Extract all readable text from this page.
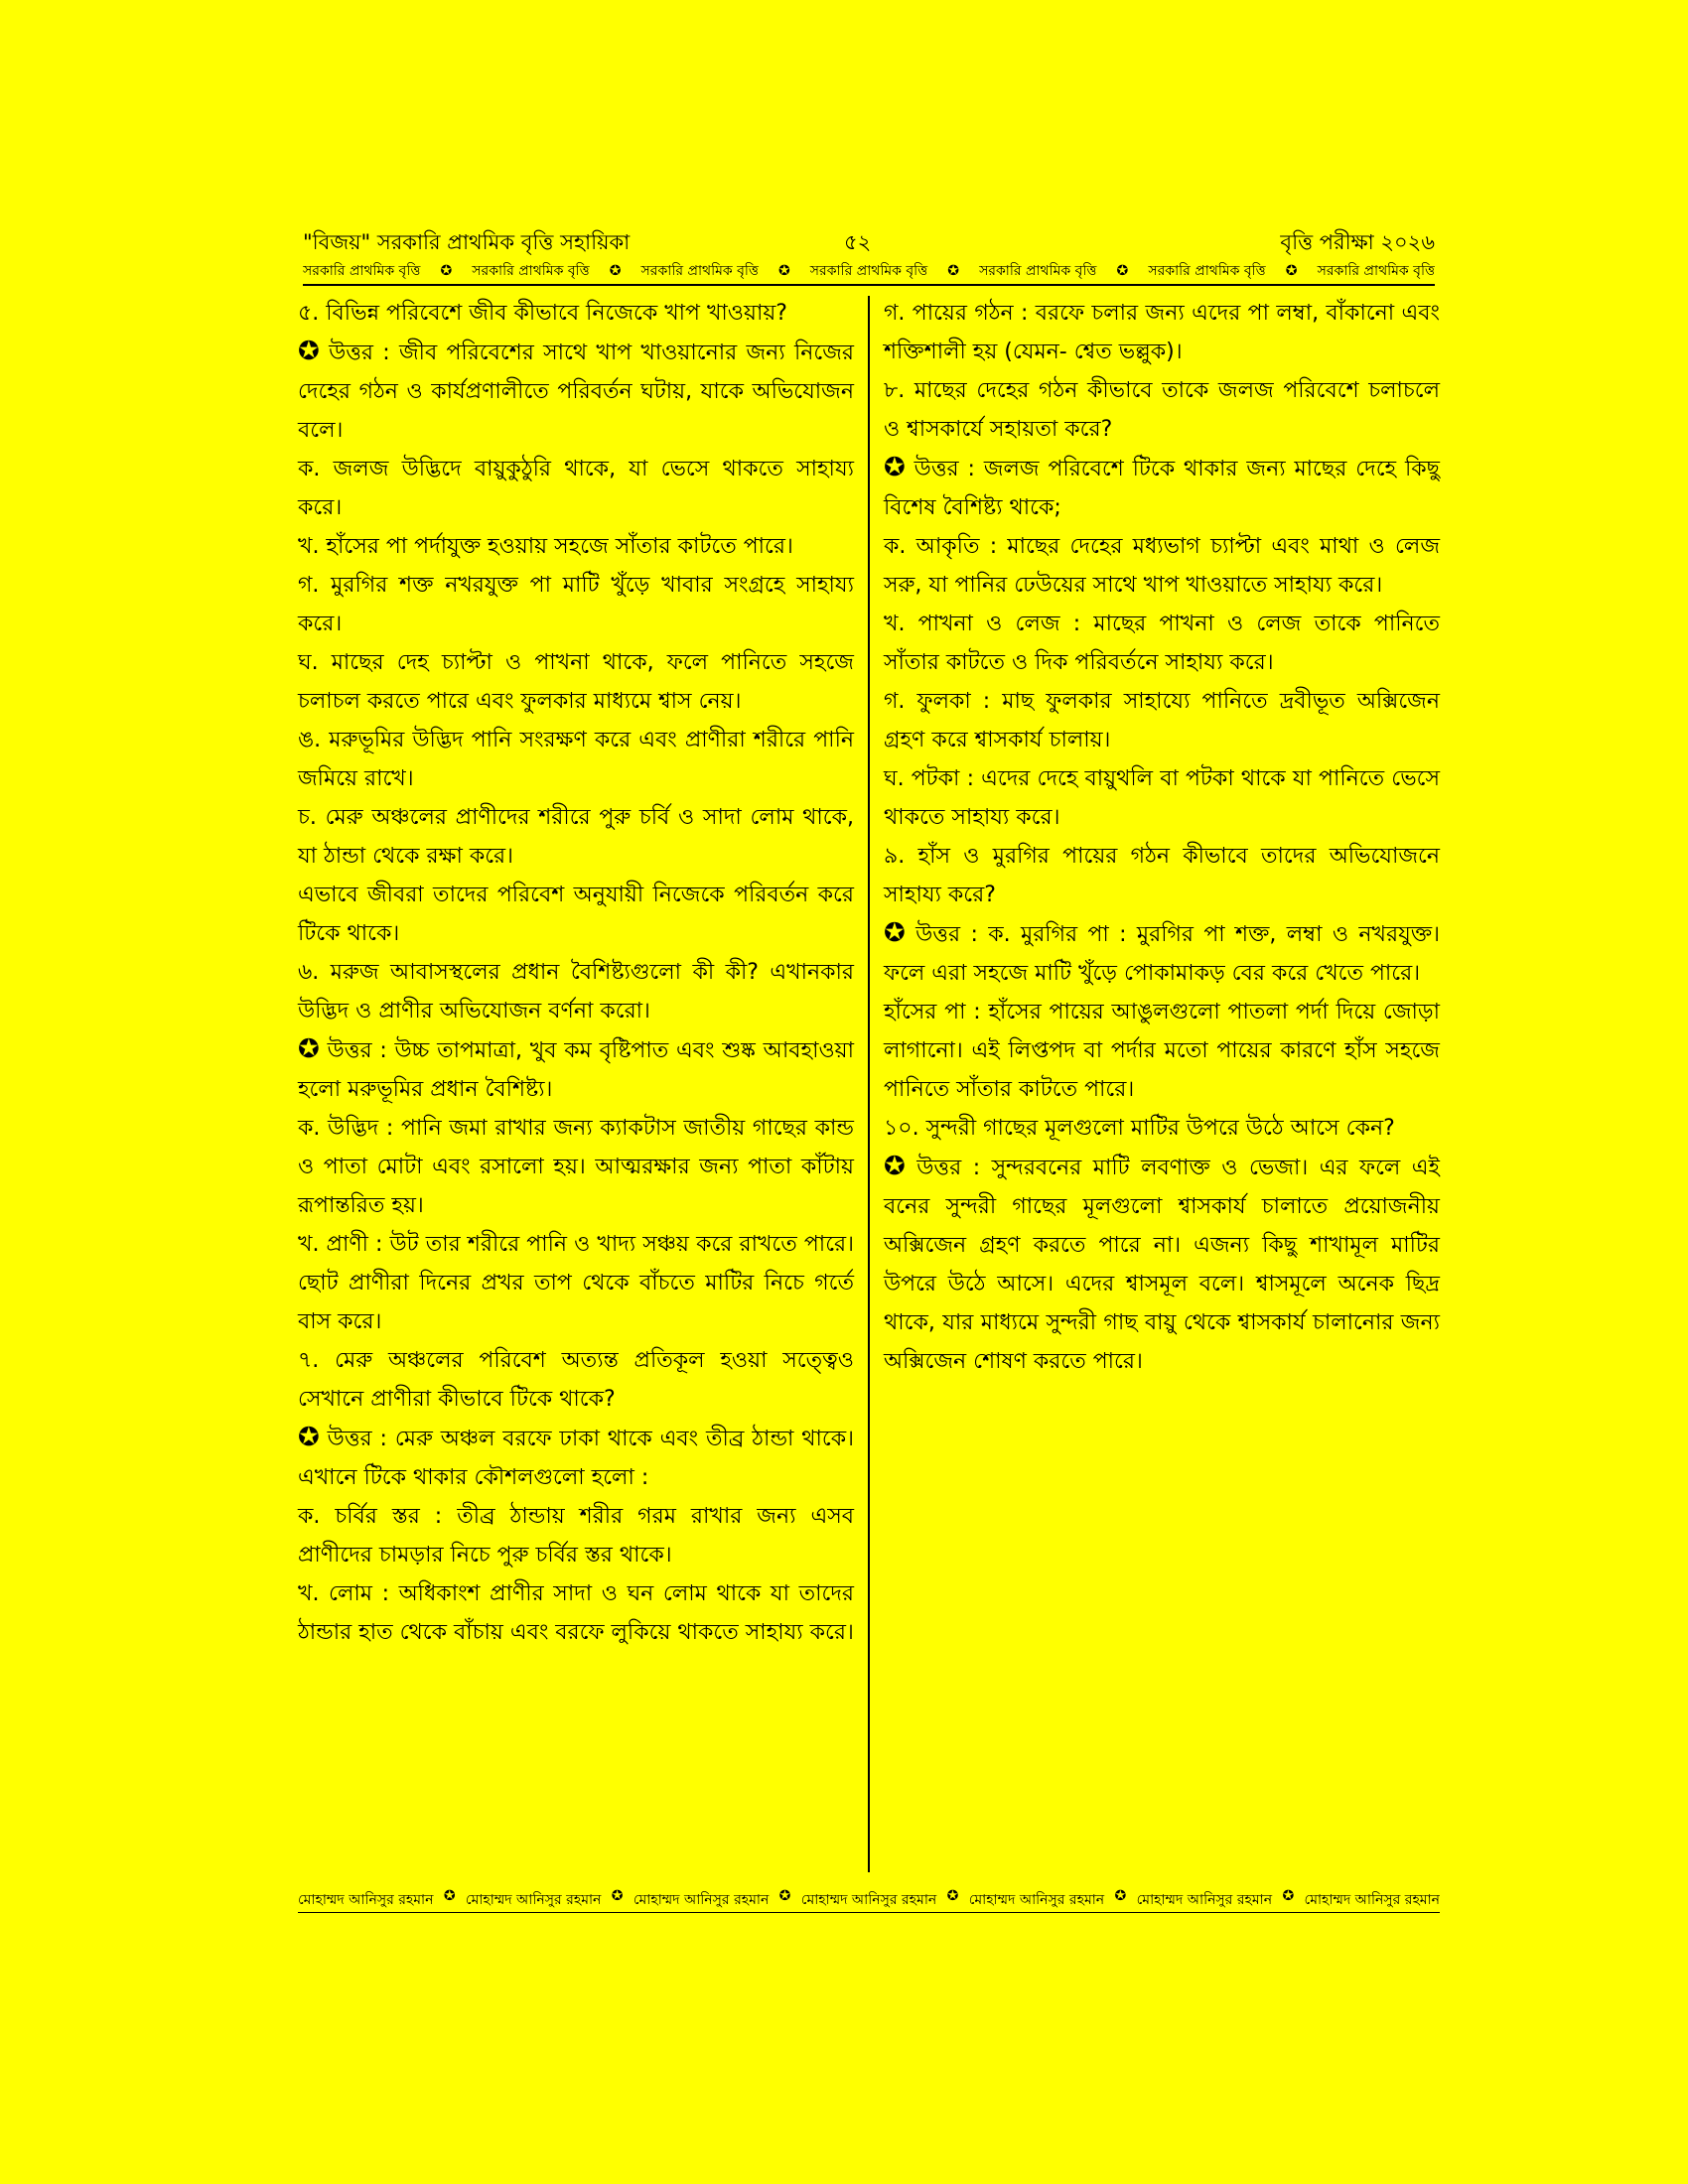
"বিজয়" সরকারি প্রাথমিক বৃত্তি সহায়িকা	৫২	বৃত্তি পরীক্ষা ২০২৬
সরকারি প্রাথমিক বৃত্তি ✪ সরকারি প্রাথমিক বৃত্তি ✪ সরকারি প্রাথমিক বৃত্তি ✪ সরকারি প্রাথমিক বৃত্তি ✪ সরকারি প্রাথমিক বৃত্তি ✪ সরকারি প্রাথমিক বৃত্তি ✪ সরকারি প্রাথমিক বৃত্তি

৫. বিভিন্ন পরিবেশে জীব কীভাবে নিজেকে খাপ খাওয়ায়?

✪ উত্তর : জীব পরিবেশের সাথে খাপ খাওয়ানোর জন্য নিজের দেহের গঠন ও কার্যপ্রণালীতে পরিবর্তন ঘটায়, যাকে অভিযোজন বলে।

ক. জলজ উদ্ভিদে বায়ুকুঠুরি থাকে, যা ভেসে থাকতে সাহায্য করে।

খ. হাঁসের পা পর্দাযুক্ত হওয়ায় সহজে সাঁতার কাটতে পারে।

গ. মুরগির শক্ত নখরযুক্ত পা মাটি খুঁড়ে খাবার সংগ্রহে সাহায্য করে।

ঘ. মাছের দেহ চ্যাপ্টা ও পাখনা থাকে, ফলে পানিতে সহজে চলাচল করতে পারে এবং ফুলকার মাধ্যমে শ্বাস নেয়।

ঙ. মরুভূমির উদ্ভিদ পানি সংরক্ষণ করে এবং প্রাণীরা শরীরে পানি জমিয়ে রাখে।

চ. মেরু অঞ্চলের প্রাণীদের শরীরে পুরু চর্বি ও সাদা লোম থাকে, যা ঠান্ডা থেকে রক্ষা করে।

এভাবে জীবরা তাদের পরিবেশ অনুযায়ী নিজেকে পরিবর্তন করে টিকে থাকে।

৬. মরুজ আবাসস্থলের প্রধান বৈশিষ্ট্যগুলো কী কী? এখানকার উদ্ভিদ ও প্রাণীর অভিযোজন বর্ণনা করো।

✪ উত্তর : উচ্চ তাপমাত্রা, খুব কম বৃষ্টিপাত এবং শুষ্ক আবহাওয়া হলো মরুভূমির প্রধান বৈশিষ্ট্য।

ক. উদ্ভিদ : পানি জমা রাখার জন্য ক্যাকটাস জাতীয় গাছের কান্ড ও পাতা মোটা এবং রসালো হয়। আত্মরক্ষার জন্য পাতা কাঁটায় রূপান্তরিত হয়।

খ. প্রাণী : উট তার শরীরে পানি ও খাদ্য সঞ্চয় করে রাখতে পারে। ছোট প্রাণীরা দিনের প্রখর তাপ থেকে বাঁচতে মাটির নিচে গর্তে বাস করে।

৭. মেরু অঞ্চলের পরিবেশ অত্যন্ত প্রতিকূল হওয়া সত্ত্বেও সেখানে প্রাণীরা কীভাবে টিকে থাকে?

✪ উত্তর : মেরু অঞ্চল বরফে ঢাকা থাকে এবং তীব্র ঠান্ডা থাকে। এখানে টিকে থাকার কৌশলগুলো হলো :

ক. চর্বির স্তর : তীব্র ঠান্ডায় শরীর গরম রাখার জন্য এসব প্রাণীদের চামড়ার নিচে পুরু চর্বির স্তর থাকে।

খ. লোম : অধিকাংশ প্রাণীর সাদা ও ঘন লোম থাকে যা তাদের ঠান্ডার হাত থেকে বাঁচায় এবং বরফে লুকিয়ে থাকতে সাহায্য করে।

গ. পায়ের গঠন : বরফে চলার জন্য এদের পা লম্বা, বাঁকানো এবং শক্তিশালী হয় (যেমন- শ্বেত ভল্লুক)।

৮. মাছের দেহের গঠন কীভাবে তাকে জলজ পরিবেশে চলাচলে ও শ্বাসকার্যে সহায়তা করে?

✪ উত্তর : জলজ পরিবেশে টিকে থাকার জন্য মাছের দেহে কিছু বিশেষ বৈশিষ্ট্য থাকে;

ক. আকৃতি : মাছের দেহের মধ্যভাগ চ্যাপ্টা এবং মাথা ও লেজ সরু, যা পানির ঢেউয়ের সাথে খাপ খাওয়াতে সাহায্য করে।

খ. পাখনা ও লেজ : মাছের পাখনা ও লেজ তাকে পানিতে সাঁতার কাটতে ও দিক পরিবর্তনে সাহায্য করে।

গ. ফুলকা : মাছ ফুলকার সাহায্যে পানিতে দ্রবীভূত অক্সিজেন গ্রহণ করে শ্বাসকার্য চালায়।

ঘ. পটকা : এদের দেহে বায়ুথলি বা পটকা থাকে যা পানিতে ভেসে থাকতে সাহায্য করে।

৯. হাঁস ও মুরগির পায়ের গঠন কীভাবে তাদের অভিযোজনে সাহায্য করে?

✪ উত্তর : ক. মুরগির পা : মুরগির পা শক্ত, লম্বা ও নখরযুক্ত। ফলে এরা সহজে মাটি খুঁড়ে পোকামাকড় বের করে খেতে পারে।

হাঁসের পা : হাঁসের পায়ের আঙুলগুলো পাতলা পর্দা দিয়ে জোড়া লাগানো। এই লিপ্তপদ বা পর্দার মতো পায়ের কারণে হাঁস সহজে পানিতে সাঁতার কাটতে পারে।

১০. সুন্দরী গাছের মূলগুলো মাটির উপরে উঠে আসে কেন?

✪ উত্তর : সুন্দরবনের মাটি লবণাক্ত ও ভেজা। এর ফলে এই বনের সুন্দরী গাছের মূলগুলো শ্বাসকার্য চালাতে প্রয়োজনীয় অক্সিজেন গ্রহণ করতে পারে না। এজন্য কিছু শাখামূল মাটির উপরে উঠে আসে। এদের শ্বাসমূল বলে। শ্বাসমূলে অনেক ছিদ্র থাকে, যার মাধ্যমে সুন্দরী গাছ বায়ু থেকে শ্বাসকার্য চালানোর জন্য অক্সিজেন শোষণ করতে পারে।

মোহাম্মদ আনিসুর রহমান ✪ মোহাম্মদ আনিসুর রহমান ✪ মোহাম্মদ আনিসুর রহমান ✪ মোহাম্মদ আনিসুর রহমান ✪ মোহাম্মদ আনিসুর রহমান ✪ মোহাম্মদ আনিসুর রহমান ✪ মোহাম্মদ আনিসুর রহমান
